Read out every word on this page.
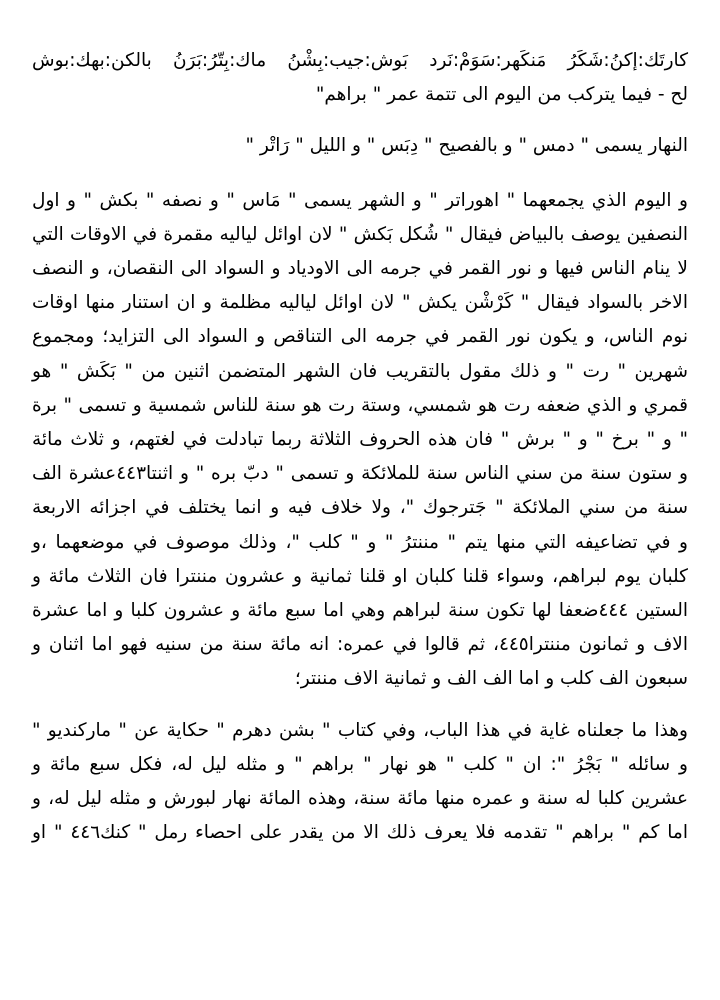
كارتَك:إكنُ:شَكَرُ مَنكَهر:سَوَمْ:نَرد بَوش:جيب:بِشْنُ ماك:بِتّرُ:بَرَنُ بالكن:بهك:بوش
لح - فيما يتركب من اليوم الى تتمة عمر " براهم"
النهار يسمى " دمس " و بالفصيح " دِبَس " و الليل " رَاتْر "
و اليوم الذي يجمعهما " اهوراتر " و الشهر يسمى " مَاس " و نصفه " بكش " و اول
النصفين يوصف بالبياض فيقال " شُكل بَكش " لان اوائل لياليه مقمرة في الاوقات التي
لا ينام الناس فيها و نور القمر في جرمه الى الاودياد و السواد الى النقصان، و النصف
الاخر بالسواد فيقال " كَرْشْن يكش " لان اوائل لياليه مظلمة و ان استنار منها اوقات
نوم الناس، و يكون نور القمر في جرمه الى التناقص و السواد الى التزايد؛ ومجموع
شهرين " رت " و ذلك مقول بالتقريب فان الشهر المتضمن اثنين من " بَكَش " هو
قمري و الذي ضعفه رت هو شمسي، وستة رت هو سنة للناس شمسية و تسمى " برة
" و " برخ " و " برش " فان هذه الحروف الثلاثة ربما تبادلت في لغتهم، و ثلاث مائة
و ستون سنة من سني الناس سنة للملائكة و تسمى " دبّ بره " و اثنتا٤٤٣عشرة الف
سنة من سني الملائكة " جَترجوك "، ولا خلاف فيه و انما يختلف في اجزائه الاربعة
و في تضاعيفه التي منها يتم " مننترُ " و " كلب "، وذلك موصوف في موضعهما ،و
كلبان يوم لبراهم، وسواء قلنا كلبان او قلنا ثمانية و عشرون مننترا فان الثلاث مائة و
الستين ٤٤٤ضعفا لها تكون سنة لبراهم وهي اما سبع مائة و عشرون كلبا و اما عشرة
الاف و ثمانون مننترا٤٤٥، ثم قالوا في عمره: انه مائة سنة من سنيه فهو اما اثنان و
سبعون الف كلب و اما الف الف و ثمانية الاف مننتر؛
وهذا ما جعلناه غاية في هذا الباب، وفي كتاب " بشن دهرم " حكاية عن " ماركنديو "
و سائله " بَجْرُ ": ان " كلب " هو نهار " براهم " و مثله ليل له، فكل سبع مائة و
عشرين كلبا له سنة و عمره منها مائة سنة، وهذه المائة نهار لبورش و مثله ليل له، و
اما كم " براهم " تقدمه فلا يعرف ذلك الا من يقدر على احصاء رمل " كنك٤٤٦ " او
